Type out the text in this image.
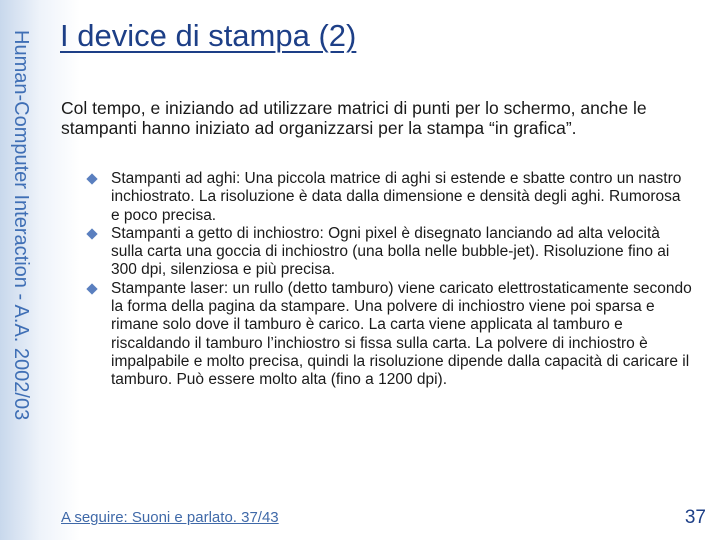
Human-Computer Interaction - A.A. 2002/03 I device di stampa (2)

Col tempo, e iniziando ad utilizzare matrici di punti per lo schermo, anche le stampanti hanno iniziato ad organizzarsi per la stampa “in grafica”.

Stampanti ad aghi: Una piccola matrice di aghi si estende e sbatte contro un nastro inchiostrato. La risoluzione è data dalla dimensione e densità degli aghi. Rumorosa e poco precisa.
Stampanti a getto di inchiostro: Ogni pixel è disegnato lanciando ad alta velocità sulla carta una goccia di inchiostro (una bolla nelle bubble-jet). Risoluzione fino ai 300 dpi, silenziosa e più precisa.
Stampante laser: un rullo (detto tamburo) viene caricato elettrostaticamente secondo la forma della pagina da stampare. Una polvere di inchiostro viene poi sparsa e rimane solo dove il tamburo è carico. La carta viene applicata al tamburo e riscaldando il tamburo l’inchiostro si fissa sulla carta. La polvere di inchiostro è impalpabile e molto precisa, quindi la risoluzione dipende dalla capacità di caricare il tamburo. Può essere molto alta (fino a 1200 dpi).
A seguire: Suoni e parlato. 37/43	37
